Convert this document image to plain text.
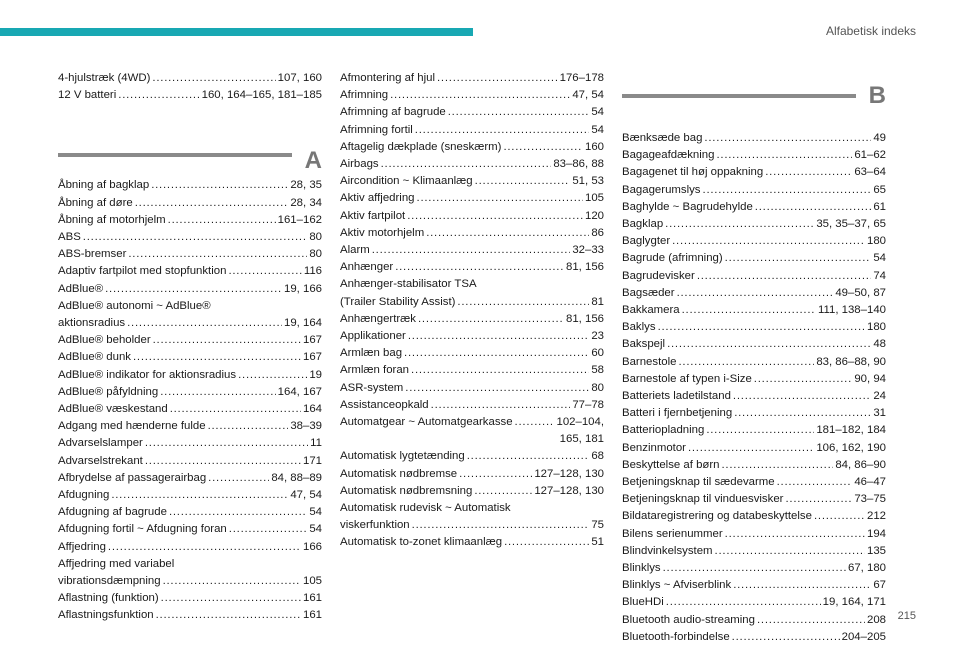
Alfabetisk indeks
4-hjulstræk (4WD) . . .	107, 160
12 V batteri . . .	160, 164–165, 181–185
A
Åbning af bagklap . . .	28, 35
Åbning af døre . . .	28, 34
Åbning af motorhjelm . . .	161–162
ABS . . .	80
ABS-bremser . . .	80
Adaptiv fartpilot med stopfunktion . . .	116
AdBlue® . . .	19, 166
AdBlue® autonomi ~ AdBlue®
aktionsradius . . .	19, 164
AdBlue® beholder . . .	167
AdBlue® dunk . . .	167
AdBlue® indikator for aktionsradius . . .	19
AdBlue® påfyldning . . .	164, 167
AdBlue® væskestand . . .	164
Adgang med hænderne fulde . . .	38–39
Advarselslamper . . .	11
Advarselstrekant . . .	171
Afbrydelse af passagerairbag . . .	84, 88–89
Afdugning . . .	47, 54
Afdugning af bagrude . . .	54
Afdugning fortil ~ Afdugning foran . . .	54
Affjedring . . .	166
Affjedring med variabel
vibrationsdæmpning . . .	105
Aflastning (funktion) . . .	161
Aflastningsfunktion . . .	161
Afmontering af hjul . . .	176–178
Afrimning . . .	47, 54
Afrimning af bagrude . . .	54
Afrimning fortil . . .	54
Aftagelig dækplade (sneskærm) . . .	160
Airbags . . .	83–86, 88
Aircondition ~ Klimaanlæg . . .	51, 53
Aktiv affjedring . . .	105
Aktiv fartpilot . . .	120
Aktiv motorhjelm . . .	86
Alarm . . .	32–33
Anhænger . . .	81, 156
Anhænger-stabilisator TSA
(Trailer Stability Assist) . . .	81
Anhængertræk . . .	81, 156
Applikationer . . .	23
Armlæn bag . . .	60
Armlæn foran . . .	58
ASR-system . . .	80
Assistanceopkald . . .	77–78
Automatgear ~ Automatgearkasse . . .	102–104,
165, 181
Automatisk lygtetænding . . .	68
Automatisk nødbremse . . .	127–128, 130
Automatisk nødbremsning . . .	127–128, 130
Automatisk rudevisk ~ Automatisk
viskerfunktion . . .	75
Automatisk to-zonet klimaanlæg . . .	51
B
Bænksæde bag . . .	49
Bagageafdækning . . .	61–62
Bagagenet til høj oppakning . . .	63–64
Bagagerumslys . . .	65
Baghylde ~ Bagrudehylde . . .	61
Bagklap . . .	35, 35–37, 65
Baglygter . . .	180
Bagrude (afrimning) . . .	54
Bagrudevisker . . .	74
Bagsæder . . .	49–50, 87
Bakkamera . . .	111, 138–140
Baklys . . .	180
Bakspejl . . .	48
Barnestole . . .	83, 86–88, 90
Barnestole af typen i-Size . . .	90, 94
Batteriets ladetilstand . . .	24
Batteri i fjernbetjening . . .	31
Batteriopladning . . .	181–182, 184
Benzinmotor . . .	106, 162, 190
Beskyttelse af børn . . .	84, 86–90
Betjeningsknap til sædevarme . . .	46–47
Betjeningsknap til vinduesvisker . . .	73–75
Bildataregistrering og databeskyttelse . . .	212
Bilens serienummer . . .	194
Blindvinkelsystem . . .	135
Blinklys . . .	67, 180
Blinklys ~ Afviserblink . . .	67
BlueHDi . . .	19, 164, 171
Bluetooth audio-streaming . . .	208
Bluetooth-forbindelse . . .	204–205
215
